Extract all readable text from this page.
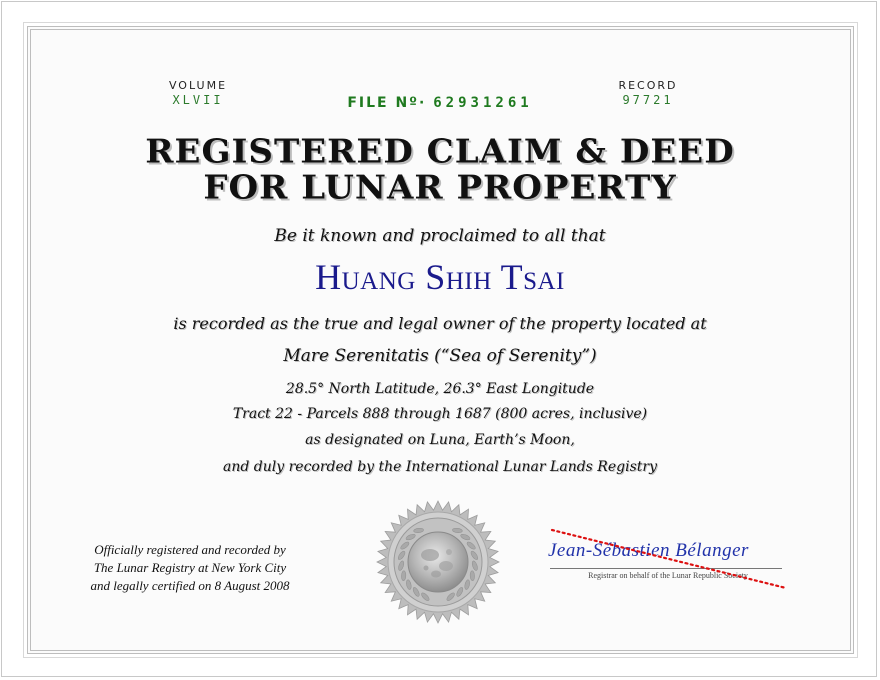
VOLUME
XLVII	FILE Nº· 62931261
RECORD
97721
REGISTERED CLAIM & DEED
FOR LUNAR PROPERTY
Be it known and proclaimed to all that
Huang Shih Tsai
is recorded as the true and legal owner of the property located at
Mare Serenitatis (“Sea of Serenity”)
28.5° North Latitude, 26.3° East Longitude
Tract 22 - Parcels 888 through 1687 (800 acres, inclusive)
as designated on Luna, Earth’s Moon,
and duly recorded by the International Lunar Lands Registry
Officially registered and recorded by
The Lunar Registry at New York City
and legally certified on 8 August 2008
Jean-Sébastien Bélanger
Registrar on behalf of the Lunar Republic Society
